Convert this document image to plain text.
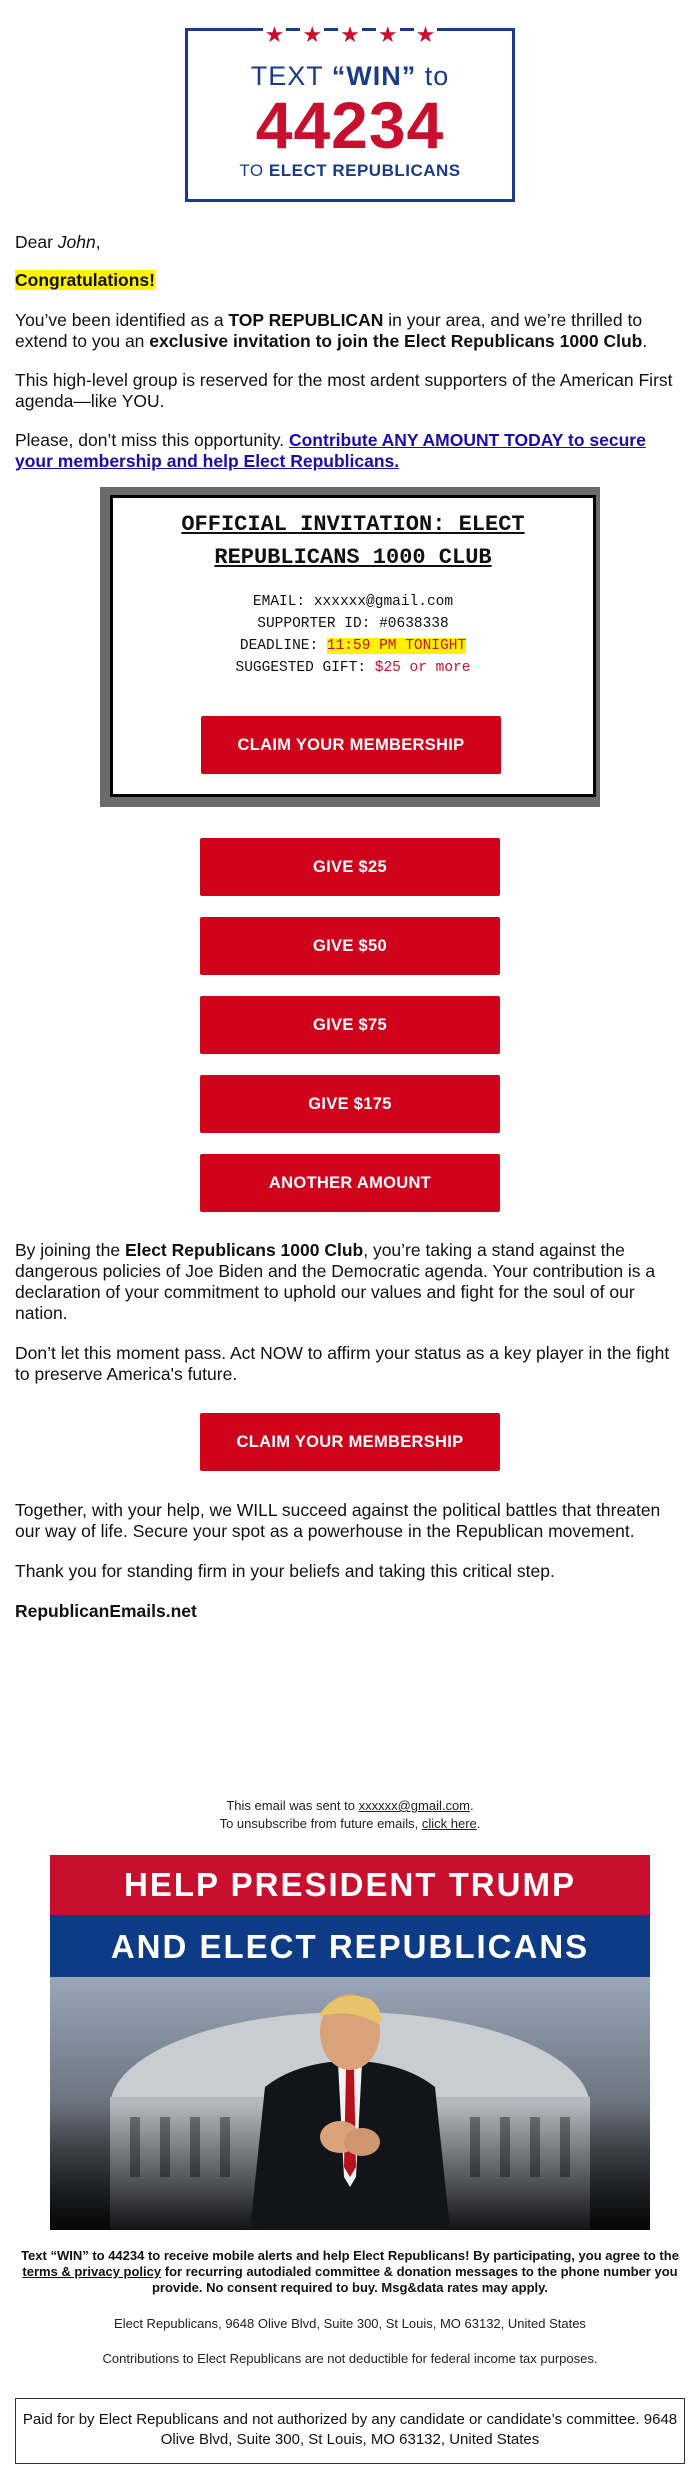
★ ★ ★ ★ ★
TEXT “WIN” to
44234
TO ELECT REPUBLICANS
Dear John,
Congratulations!
You’ve been identified as a TOP REPUBLICAN in your area, and we’re thrilled to extend to you an exclusive invitation to join the Elect Republicans 1000 Club.
This high-level group is reserved for the most ardent supporters of the American First agenda—like YOU.
Please, don’t miss this opportunity. Contribute ANY AMOUNT TODAY to secure your membership and help Elect Republicans.
OFFICIAL INVITATION: ELECT REPUBLICANS 1000 CLUB
EMAIL: xxxxxx@gmail.com
SUPPORTER ID: #0638338
DEADLINE: 11:59 PM TONIGHT
SUGGESTED GIFT: $25 or more
CLAIM YOUR MEMBERSHIP
GIVE $25
GIVE $50
GIVE $75
GIVE $175
ANOTHER AMOUNT
By joining the Elect Republicans 1000 Club, you’re taking a stand against the dangerous policies of Joe Biden and the Democratic agenda. Your contribution is a declaration of your commitment to uphold our values and fight for the soul of our nation.
Don’t let this moment pass. Act NOW to affirm your status as a key player in the fight to preserve America's future.
CLAIM YOUR MEMBERSHIP
Together, with your help, we WILL succeed against the political battles that threaten our way of life. Secure your spot as a powerhouse in the Republican movement.
Thank you for standing firm in your beliefs and taking this critical step.
RepublicanEmails.net
This email was sent to xxxxxx@gmail.com.
To unsubscribe from future emails, click here.
HELP PRESIDENT TRUMP
AND ELECT REPUBLICANS
Text “WIN” to 44234 to receive mobile alerts and help Elect Republicans! By participating, you agree to the terms & privacy policy for recurring autodialed committee & donation messages to the phone number you provide. No consent required to buy. Msg&data rates may apply.
Elect Republicans, 9648 Olive Blvd, Suite 300, St Louis, MO 63132, United States
Contributions to Elect Republicans are not deductible for federal income tax purposes.
Paid for by Elect Republicans and not authorized by any candidate or candidate’s committee. 9648 Olive Blvd, Suite 300, St Louis, MO 63132, United States
